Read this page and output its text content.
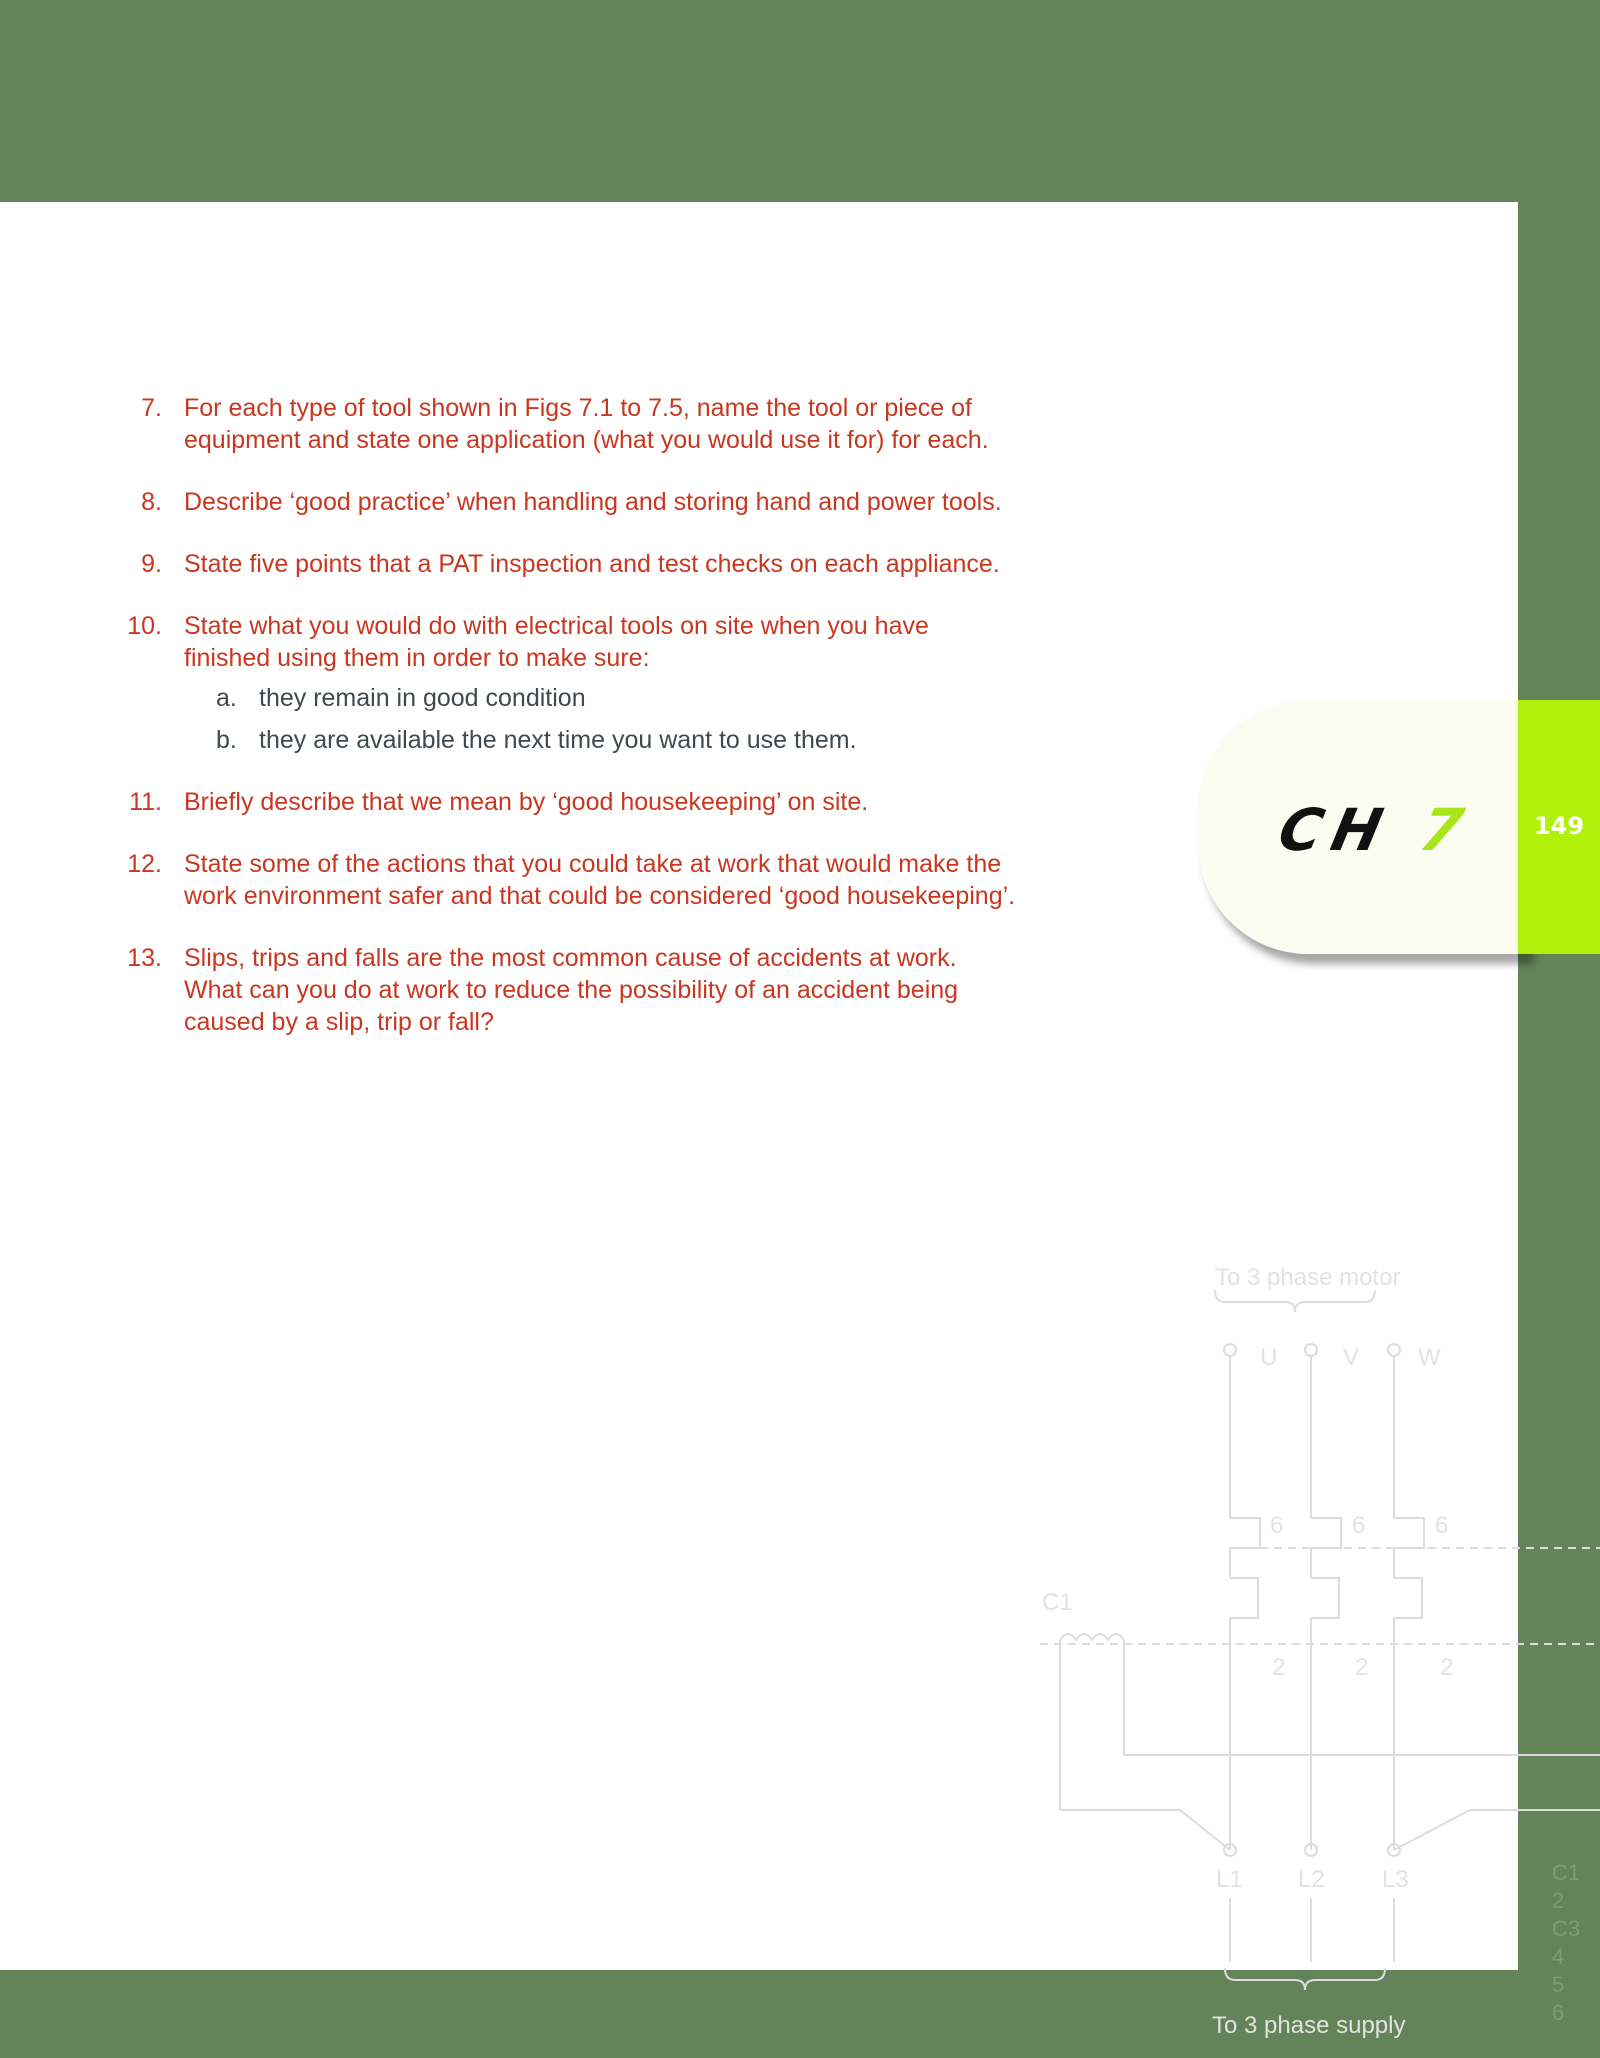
To 3 phase motor
U	V W
6	6	6
2	2	2
C1
L1 L2 L3
To 3 phase supply
C1
2
C3
4
5
6
7. For each type of tool shown in Figs 7.1 to 7.5, name the tool or piece of equipment and state one application (what you would use it for) for each.
8. Describe ‘good practice’ when handling and storing hand and power tools.
9. State five points that a PAT inspection and test checks on each appliance.
10. State what you would do with electrical tools on site when you have finished using them in order to make sure:
a. they remain in good condition
b. they are available the next time you want to use them.
11. Briefly describe that we mean by ‘good housekeeping’ on site.
12. State some of the actions that you could take at work that would make the work environment safer and that could be considered ‘good housekeeping’.
13. Slips, trips and falls are the most common cause of accidents at work. What can you do at work to reduce the possibility of an accident being caused by a slip, trip or fall?
CH 7	149
